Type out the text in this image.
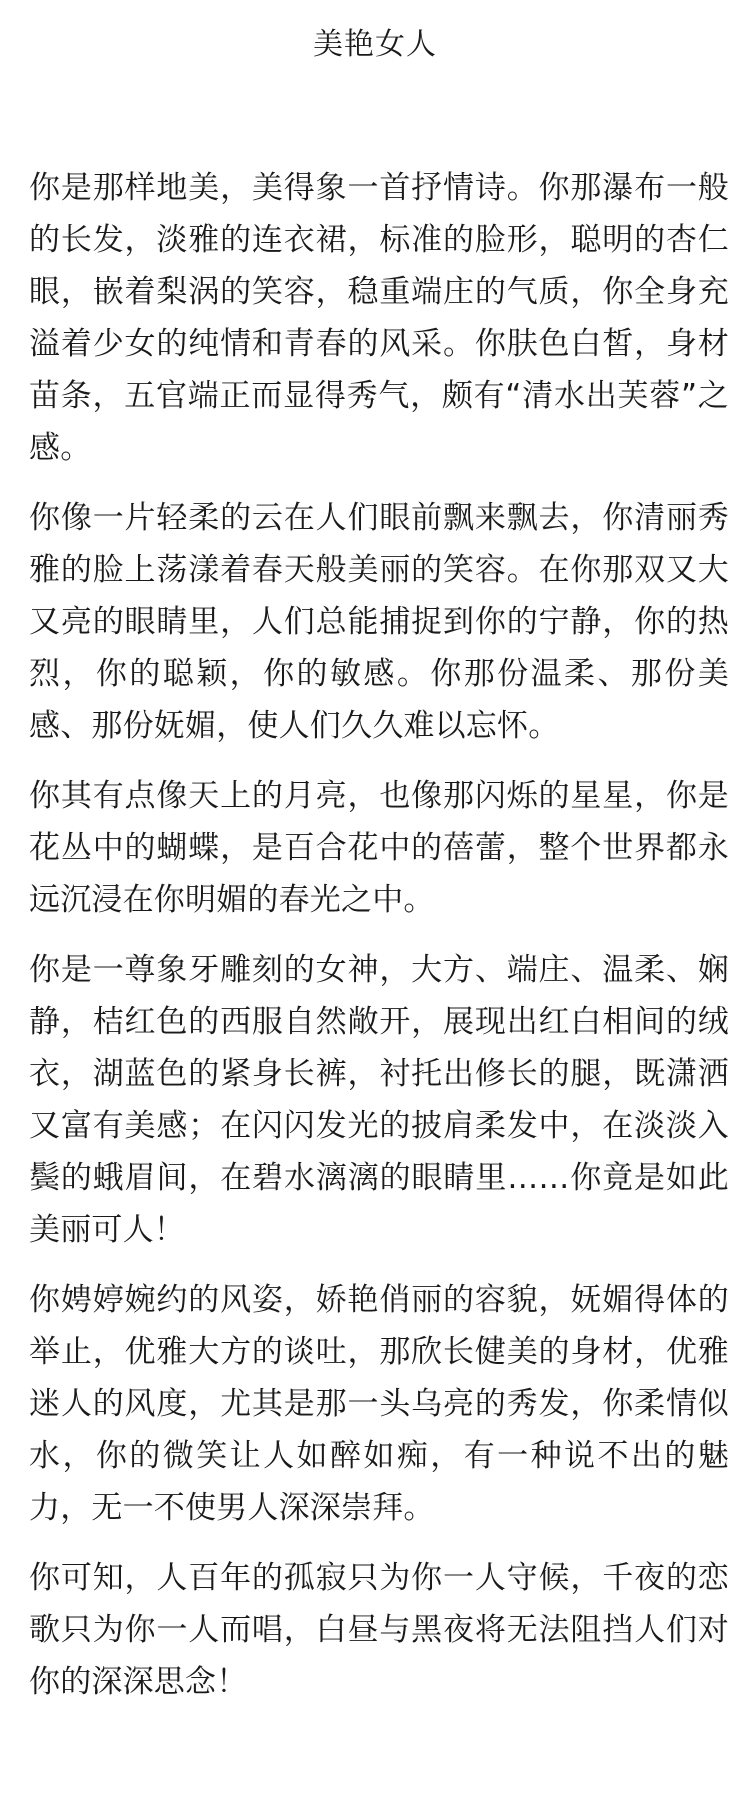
美艳女人

你是那样地美，美得象一首抒情诗。你那瀑布一般的长发，淡雅的连衣裙，标准的脸形，聪明的杏仁眼，嵌着梨涡的笑容，稳重端庄的气质，你全身充溢着少女的纯情和青春的风采。你肤色白皙，身材苗条，五官端正而显得秀气，颇有“清水出芙蓉”之感。

你像一片轻柔的云在人们眼前飘来飘去，你清丽秀雅的脸上荡漾着春天般美丽的笑容。在你那双又大又亮的眼睛里，人们总能捕捉到你的宁静，你的热烈，你的聪颖，你的敏感。你那份温柔、那份美感、那份妩媚，使人们久久难以忘怀。

你其有点像天上的月亮，也像那闪烁的星星，你是花丛中的蝴蝶，是百合花中的蓓蕾，整个世界都永远沉浸在你明媚的春光之中。

你是一尊象牙雕刻的女神，大方、端庄、温柔、娴静，桔红色的西服自然敞开，展现出红白相间的绒衣，湖蓝色的紧身长裤，衬托出修长的腿，既潇洒又富有美感；在闪闪发光的披肩柔发中，在淡淡入鬓的蛾眉间，在碧水漓漓的眼睛里……你竟是如此美丽可人！

你娉婷婉约的风姿，娇艳俏丽的容貌，妩媚得体的举止，优雅大方的谈吐，那欣长健美的身材，优雅迷人的风度，尤其是那一头乌亮的秀发，你柔情似水，你的微笑让人如醉如痴，有一种说不出的魅力，无一不使男人深深崇拜。

你可知，人百年的孤寂只为你一人守候，千夜的恋歌只为你一人而唱，白昼与黑夜将无法阻挡人们对你的深深思念！
